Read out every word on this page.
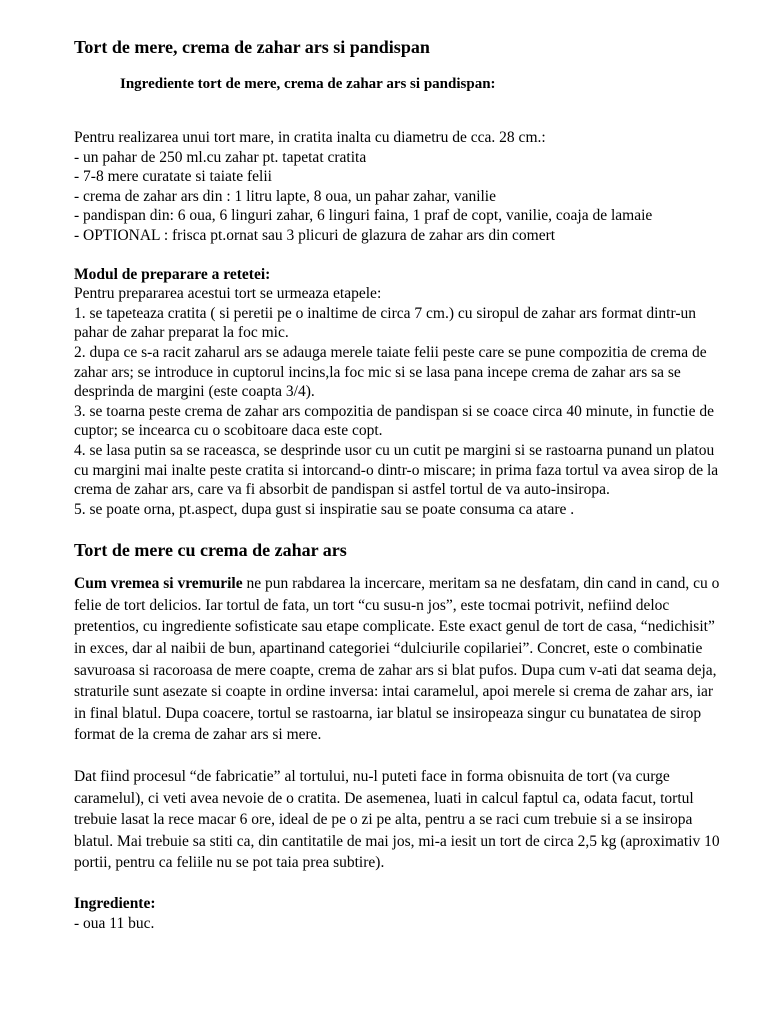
Tort de mere, crema de zahar ars si pandispan
Ingrediente tort de mere, crema de zahar ars si pandispan:

Pentru realizarea unui tort mare, in cratita inalta cu diametru de cca. 28 cm.:

- un pahar de 250 ml.cu zahar pt. tapetat cratita

- 7-8 mere curatate si taiate felii

- crema de zahar ars din : 1 litru lapte, 8 oua, un pahar zahar, vanilie

- pandispan din: 6 oua, 6 linguri zahar, 6 linguri faina, 1 praf de copt, vanilie, coaja de lamaie

- OPTIONAL : frisca pt.ornat sau 3 plicuri de glazura de zahar ars din comert

Modul de preparare a retetei:

Pentru prepararea acestui tort se urmeaza etapele:

1. se tapeteaza cratita ( si peretii pe o inaltime de circa 7 cm.) cu siropul de zahar ars format dintr-un pahar de zahar preparat la foc mic.

2. dupa ce s-a racit zaharul ars se adauga merele taiate felii peste care se pune compozitia de crema de zahar ars; se introduce in cuptorul incins,la foc mic si se lasa pana incepe crema de zahar ars sa se desprinda de margini (este coapta 3/4).

3. se toarna peste crema de zahar ars compozitia de pandispan si se coace circa 40 minute, in functie de cuptor; se incearca cu o scobitoare daca este copt.

4. se lasa putin sa se raceasca, se desprinde usor cu un cutit pe margini si se rastoarna punand un platou cu margini mai inalte peste cratita si intorcand-o dintr-o miscare; in prima faza tortul va avea sirop de la crema de zahar ars, care va fi absorbit de pandispan si astfel tortul de va auto-insiropa.

5. se poate orna, pt.aspect, dupa gust si inspiratie sau se poate consuma ca atare .

Tort de mere cu crema de zahar ars

Cum vremea si vremurile ne pun rabdarea la incercare, meritam sa ne desfatam, din cand in cand, cu o felie de tort delicios. Iar tortul de fata, un tort “cu susu-n jos”, este tocmai potrivit, nefiind deloc pretentios, cu ingrediente sofisticate sau etape complicate. Este exact genul de tort de casa, “nedichisit” in exces, dar al naibii de bun, apartinand categoriei “dulciurile copilariei”. Concret, este o combinatie savuroasa si racoroasa de mere coapte, crema de zahar ars si blat pufos. Dupa cum v-ati dat seama deja, straturile sunt asezate si coapte in ordine inversa: intai caramelul, apoi merele si crema de zahar ars, iar in final blatul. Dupa coacere, tortul se rastoarna, iar blatul se insiropeaza singur cu bunatatea de sirop format de la crema de zahar ars si mere.

Dat fiind procesul “de fabricatie” al tortului, nu-l puteti face in forma obisnuita de tort (va curge caramelul), ci veti avea nevoie de o cratita. De asemenea, luati in calcul faptul ca, odata facut, tortul trebuie lasat la rece macar 6 ore, ideal de pe o zi pe alta, pentru a se raci cum trebuie si a se insiropa blatul. Mai trebuie sa stiti ca, din cantitatile de mai jos, mi-a iesit un tort de circa 2,5 kg (aproximativ 10 portii, pentru ca feliile nu se pot taia prea subtire).

Ingrediente:

- oua 11 buc.
